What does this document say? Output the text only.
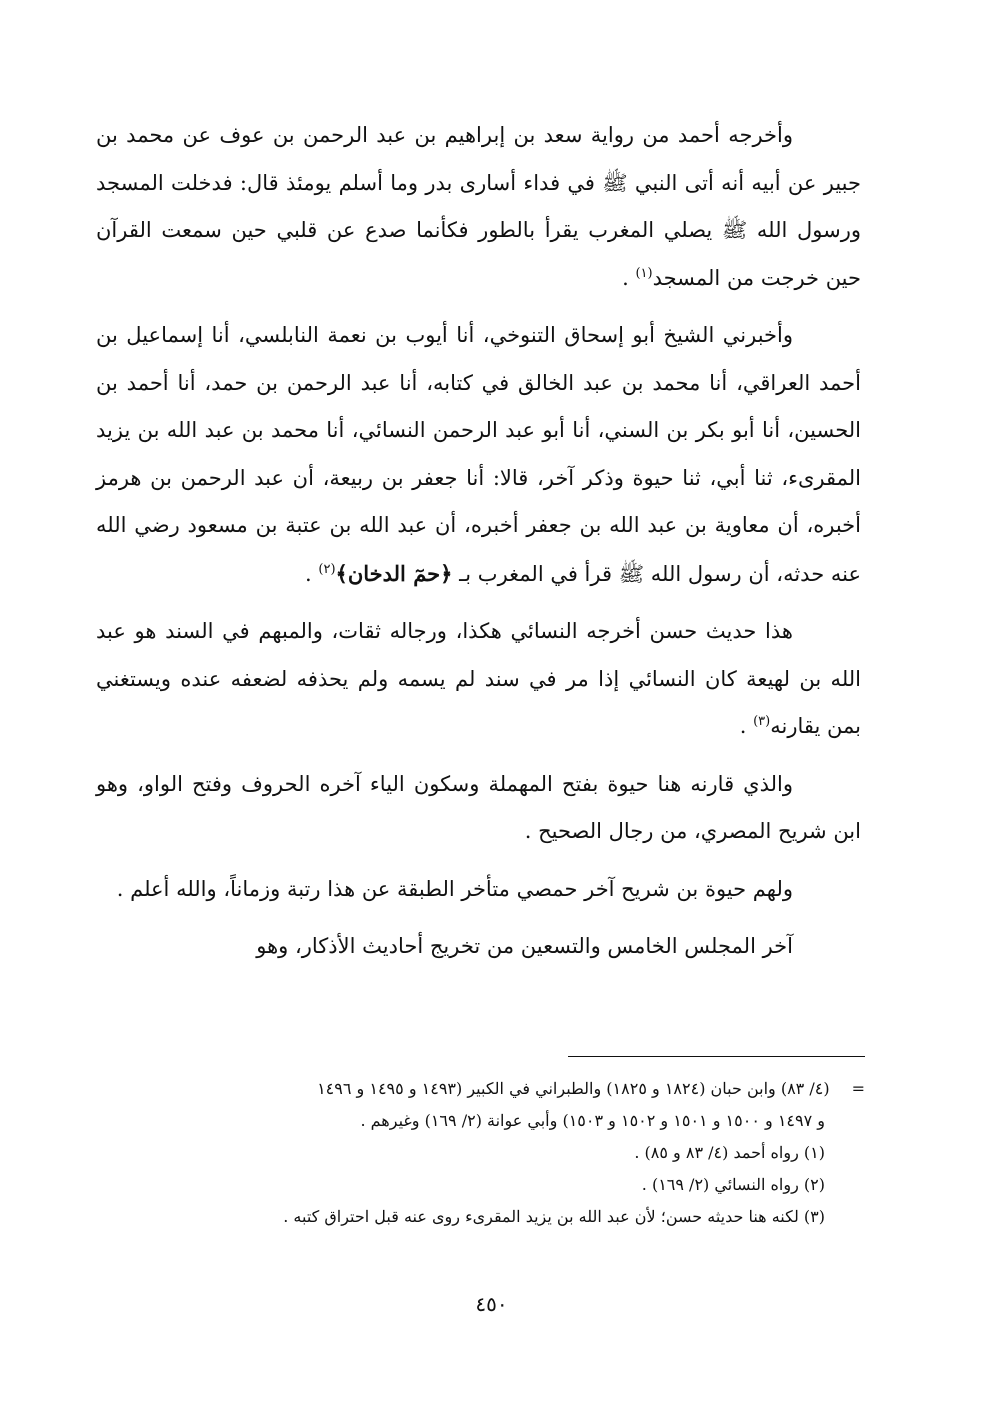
وأخرجه أحمد من رواية سعد بن إبراهيم بن عبد الرحمن بن عوف عن محمد بن جبير عن أبيه أنه أتى النبي ﷺ في فداء أسارى بدر وما أسلم يومئذ قال: فدخلت المسجد ورسول الله ﷺ يصلي المغرب يقرأ بالطور فكأنما صدع عن قلبي حين سمعت القرآن حين خرجت من المسجد$^{(١)}$ .

وأخبرني الشيخ أبو إسحاق التنوخي، أنا أيوب بن نعمة النابلسي، أنا إسماعيل بن أحمد العراقي، أنا محمد بن عبد الخالق في كتابه، أنا عبد الرحمن بن حمد، أنا أحمد بن الحسين، أنا أبو بكر بن السني، أنا أبو عبد الرحمن النسائي، أنا محمد بن عبد الله بن يزيد المقرىء، ثنا أبي، ثنا حيوة وذكر آخر، قالا: أنا جعفر بن ربيعة، أن عبد الرحمن بن هرمز أخبره، أن معاوية بن عبد الله بن جعفر أخبره، أن عبد الله بن عتبة بن مسعود رضي الله عنه حدثه، أن رسول الله ﷺ قرأ في المغرب بـ ﴿حمٓ الدخان﴾$^{(٢)}$ .

هذا حديث حسن أخرجه النسائي هكذا، ورجاله ثقات، والمبهم في السند هو عبد الله بن لهيعة كان النسائي إذا مر في سند لم يسمه ولم يحذفه لضعفه عنده ويستغني بمن يقارنه$^{(٣)}$ .

والذي قارنه هنا حيوة بفتح المهملة وسكون الياء آخره الحروف وفتح الواو، وهو ابن شريح المصري، من رجال الصحيح .

ولهم حيوة بن شريح آخر حمصي متأخر الطبقة عن هذا رتبة وزماناً، والله أعلم .

آخر المجلس الخامس والتسعين من تخريج أحاديث الأذكار، وهو

=(٤/ ٨٣) وابن حبان (١٨٢٤ و ١٨٢٥) والطبراني في الكبير (١٤٩٣ و ١٤٩٥ و ١٤٩٦
و ١٤٩٧ و ١٥٠٠ و ١٥٠١ و ١٥٠٢ و ١٥٠٣) وأبي عوانة (٢/ ١٦٩) وغيرهم .

(١) رواه أحمد (٤/ ٨٣ و ٨٥) .

(٢) رواه النسائي (٢/ ١٦٩) .

(٣) لكنه هنا حديثه حسن؛ لأن عبد الله بن يزيد المقرىء روى عنه قبل احتراق كتبه .

٤٥٠
